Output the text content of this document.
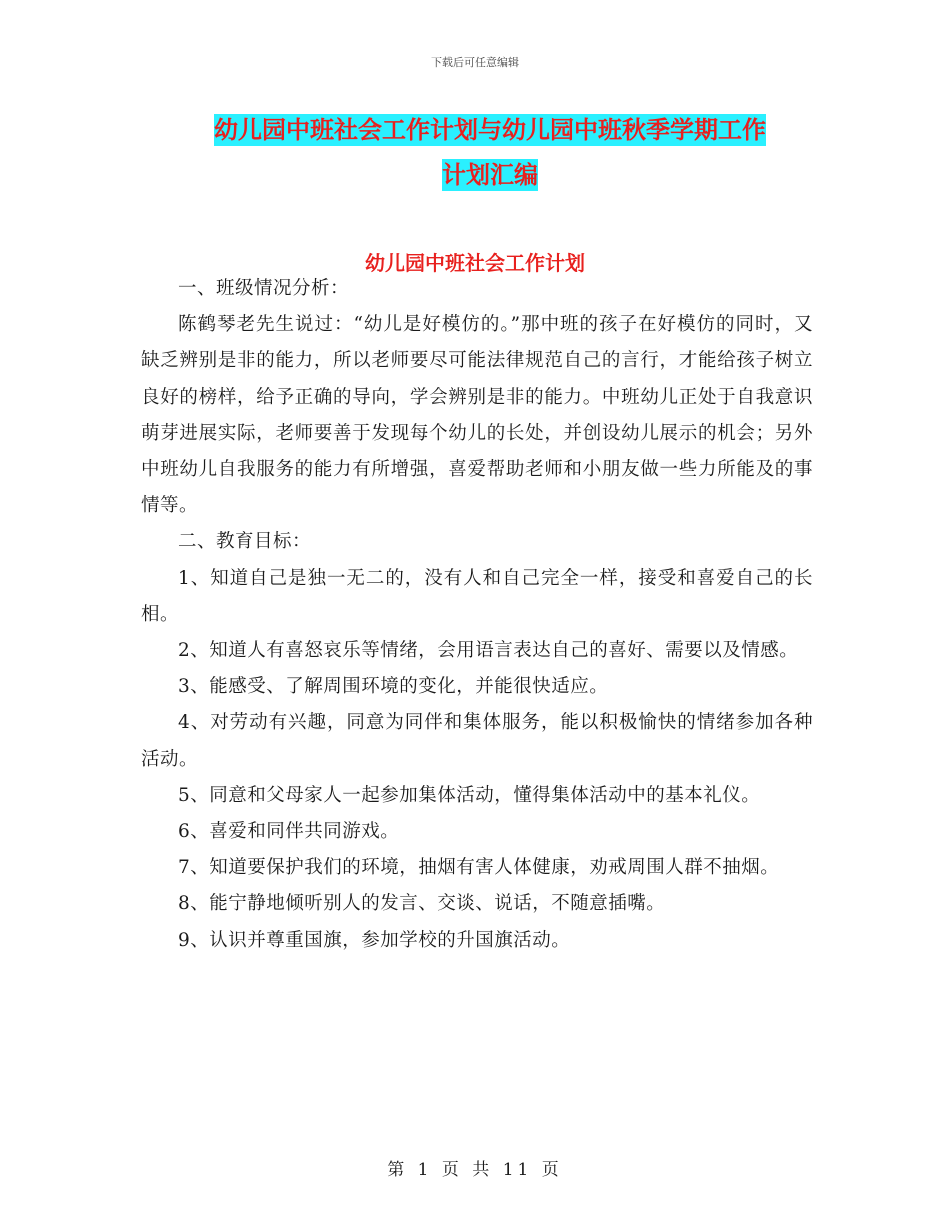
下载后可任意编辑
幼儿园中班社会工作计划与幼儿园中班秋季学期工作
计划汇编
幼儿园中班社会工作计划

一、班级情况分析：

陈鹤琴老先生说过：“幼儿是好模仿的。”那中班的孩子在好模仿的同时，又缺乏辨别是非的能力，所以老师要尽可能法律规范自己的言行，才能给孩子树立良好的榜样，给予正确的导向，学会辨别是非的能力。中班幼儿正处于自我意识萌芽进展实际，老师要善于发现每个幼儿的长处，并创设幼儿展示的机会；另外中班幼儿自我服务的能力有所增强，喜爱帮助老师和小朋友做一些力所能及的事情等。

二、教育目标：

1、知道自己是独一无二的，没有人和自己完全一样，接受和喜爱自己的长相。

2、知道人有喜怒哀乐等情绪，会用语言表达自己的喜好、需要以及情感。

3、能感受、了解周围环境的变化，并能很快适应。

4、对劳动有兴趣，同意为同伴和集体服务，能以积极愉快的情绪参加各种活动。

5、同意和父母家人一起参加集体活动，懂得集体活动中的基本礼仪。

6、喜爱和同伴共同游戏。

7、知道要保护我们的环境，抽烟有害人体健康，劝戒周围人群不抽烟。

8、能宁静地倾听别人的发言、交谈、说话，不随意插嘴。

9、认识并尊重国旗，参加学校的升国旗活动。

第 1 页 共 11 页
